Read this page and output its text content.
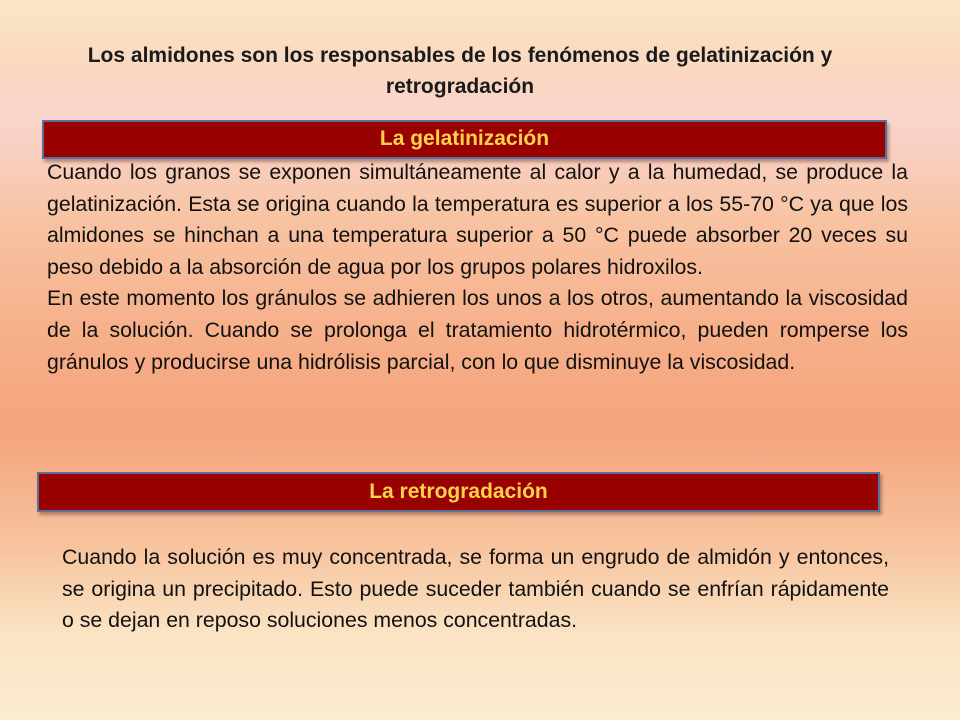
Los almidones son los responsables de los fenómenos de gelatinización y retrogradación
La gelatinización

Cuando los granos se exponen simultáneamente al calor y a la humedad, se produce la gelatinización. Esta se origina cuando la temperatura es superior a los 55-70 °C ya que los almidones se hinchan a una temperatura superior a 50 °C puede absorber 20 veces su peso debido a la absorción de agua por los grupos polares hidroxilos.

En este momento los gránulos se adhieren los unos a los otros, aumentando la viscosidad de la solución. Cuando se prolonga el tratamiento hidrotérmico, pueden romperse los gránulos y producirse una hidrólisis parcial, con lo que disminuye la viscosidad.

La retrogradación

Cuando la solución es muy concentrada, se forma un engrudo de almidón y entonces, se origina un precipitado. Esto puede suceder también cuando se enfrían rápidamente o se dejan en reposo soluciones menos concentradas.
